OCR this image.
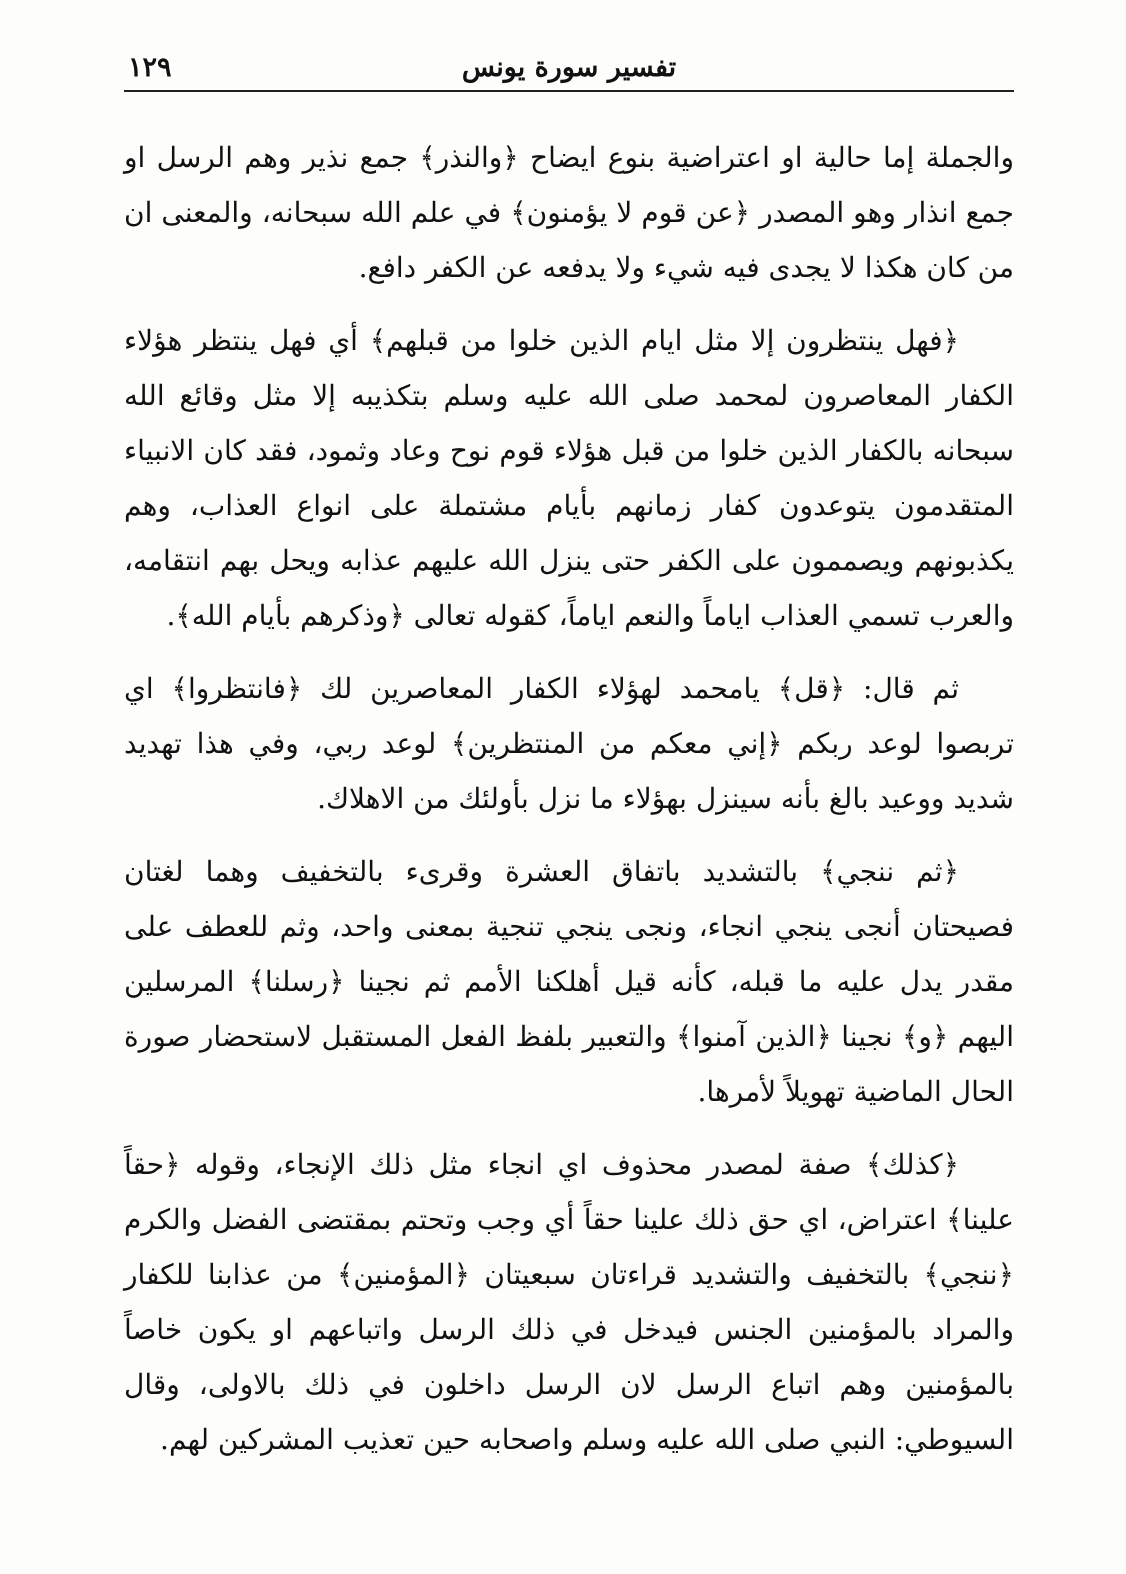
تفسير سورة يونس
١٢٩

والجملة إما حالية او اعتراضية بنوع ايضاح ﴿والنذر﴾ جمع نذير وهم الرسل او جمع انذار وهو المصدر ﴿عن قوم لا يؤمنون﴾ في علم الله سبحانه، والمعنى ان من كان هكذا لا يجدى فيه شيء ولا يدفعه عن الكفر دافع.

﴿فهل ينتظرون إلا مثل ايام الذين خلوا من قبلهم﴾ أي فهل ينتظر هؤلاء الكفار المعاصرون لمحمد صلى الله عليه وسلم بتكذيبه إلا مثل وقائع الله سبحانه بالكفار الذين خلوا من قبل هؤلاء قوم نوح وعاد وثمود، فقد كان الانبياء المتقدمون يتوعدون كفار زمانهم بأيام مشتملة على انواع العذاب، وهم يكذبونهم ويصممون على الكفر حتى ينزل الله عليهم عذابه ويحل بهم انتقامه، والعرب تسمي العذاب اياماً والنعم اياماً، كقوله تعالى ﴿وذكرهم بأيام الله﴾.

ثم قال: ﴿قل﴾ يامحمد لهؤلاء الكفار المعاصرين لك ﴿فانتظروا﴾ اي تربصوا لوعد ربكم ﴿إني معكم من المنتظرين﴾ لوعد ربي، وفي هذا تهديد شديد ووعيد بالغ بأنه سينزل بهؤلاء ما نزل بأولئك من الاهلاك.

﴿ثم ننجي﴾ بالتشديد باتفاق العشرة وقرىء بالتخفيف وهما لغتان فصيحتان أنجى ينجي انجاء، ونجى ينجي تنجية بمعنى واحد، وثم للعطف على مقدر يدل عليه ما قبله، كأنه قيل أهلكنا الأمم ثم نجينا ﴿رسلنا﴾ المرسلين اليهم ﴿و﴾ نجينا ﴿الذين آمنوا﴾ والتعبير بلفظ الفعل المستقبل لاستحضار صورة الحال الماضية تهويلاً لأمرها.

﴿كذلك﴾ صفة لمصدر محذوف اي انجاء مثل ذلك الإنجاء، وقوله ﴿حقاً علينا﴾ اعتراض، اي حق ذلك علينا حقاً أي وجب وتحتم بمقتضى الفضل والكرم ﴿ننجي﴾ بالتخفيف والتشديد قراءتان سبعيتان ﴿المؤمنين﴾ من عذابنا للكفار والمراد بالمؤمنين الجنس فيدخل في ذلك الرسل واتباعهم او يكون خاصاً بالمؤمنين وهم اتباع الرسل لان الرسل داخلون في ذلك بالاولى، وقال السيوطي: النبي صلى الله عليه وسلم واصحابه حين تعذيب المشركين لهم.
